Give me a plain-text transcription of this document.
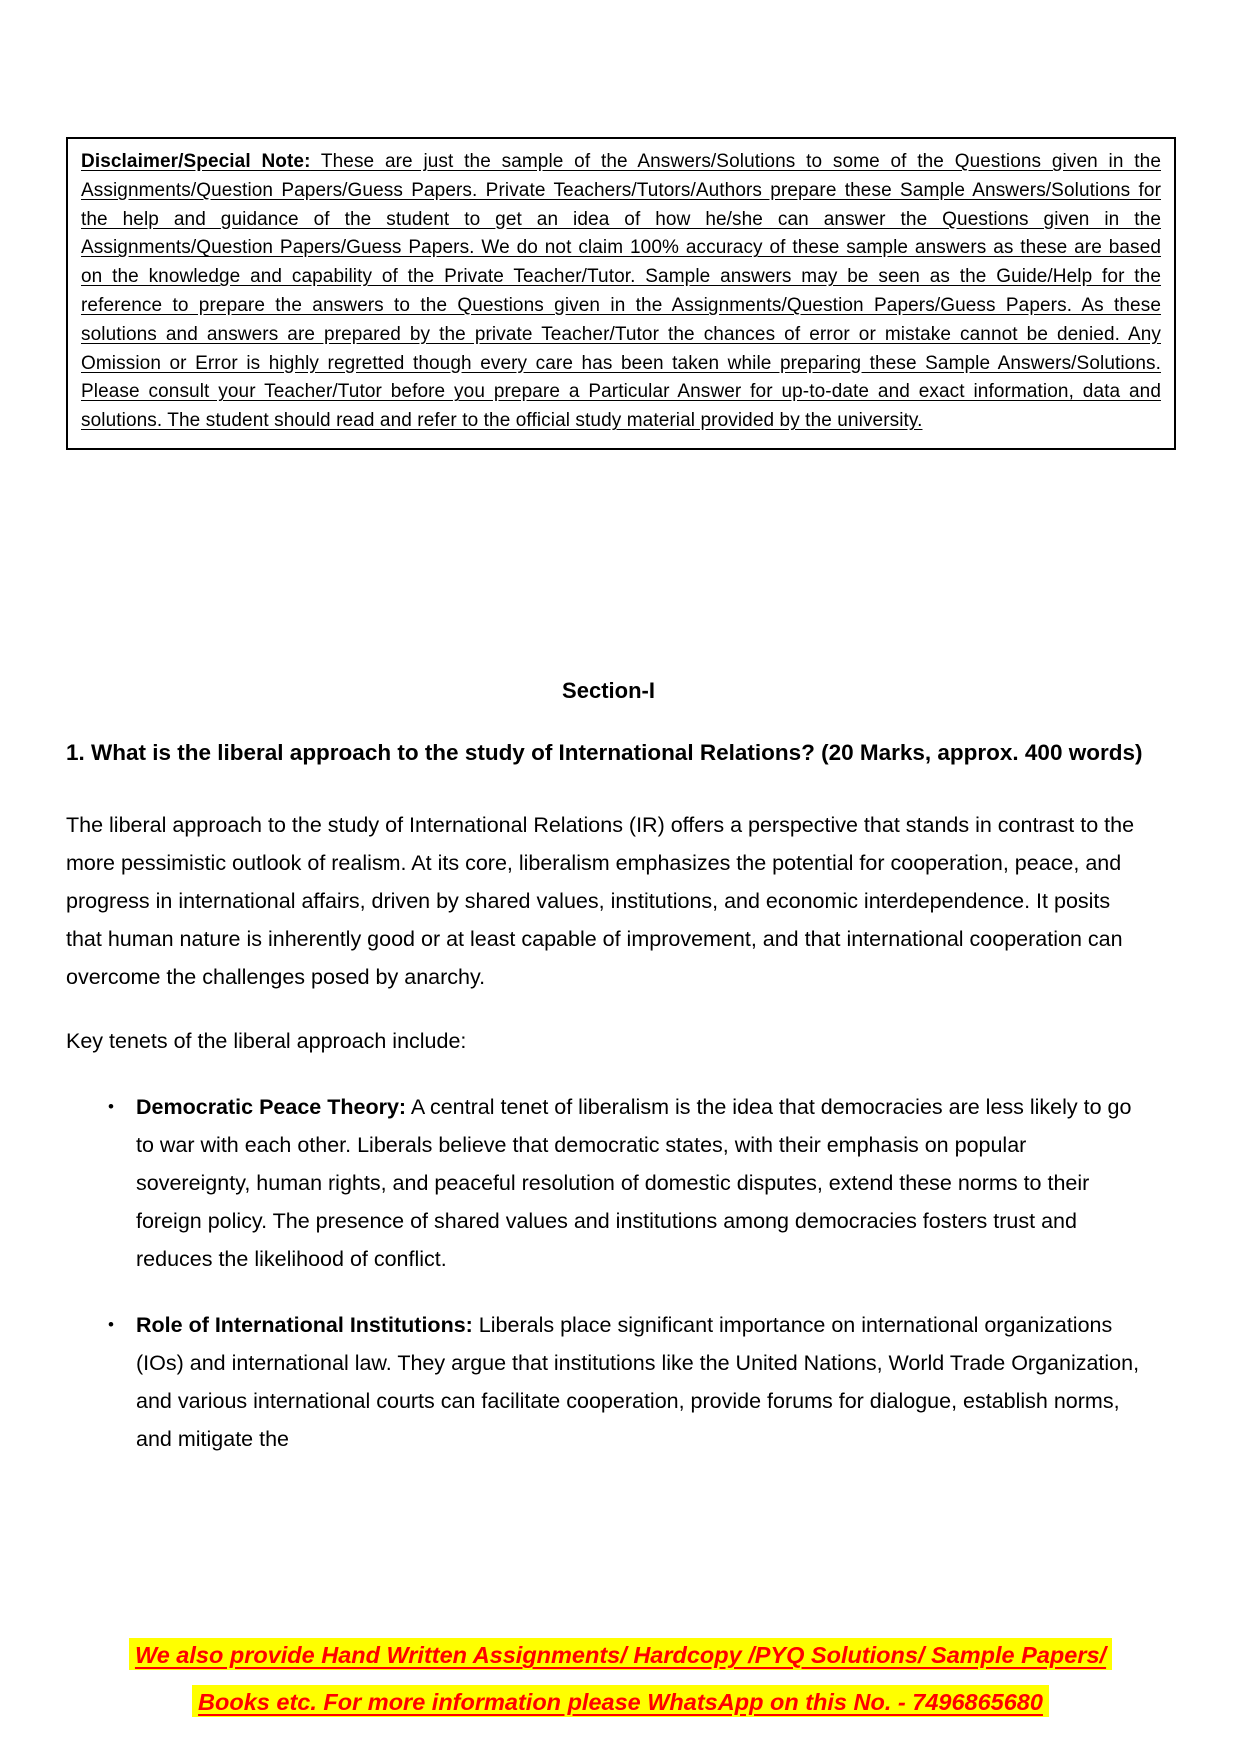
Disclaimer/Special Note: These are just the sample of the Answers/Solutions to some of the Questions given in the Assignments/Question Papers/Guess Papers. Private Teachers/Tutors/Authors prepare these Sample Answers/Solutions for the help and guidance of the student to get an idea of how he/she can answer the Questions given in the Assignments/Question Papers/Guess Papers. We do not claim 100% accuracy of these sample answers as these are based on the knowledge and capability of the Private Teacher/Tutor. Sample answers may be seen as the Guide/Help for the reference to prepare the answers to the Questions given in the Assignments/Question Papers/Guess Papers. As these solutions and answers are prepared by the private Teacher/Tutor the chances of error or mistake cannot be denied. Any Omission or Error is highly regretted though every care has been taken while preparing these Sample Answers/Solutions. Please consult your Teacher/Tutor before you prepare a Particular Answer for up-to-date and exact information, data and solutions. The student should read and refer to the official study material provided by the university.

Section-I
1. What is the liberal approach to the study of International Relations? (20 Marks, approx. 400 words)

The liberal approach to the study of International Relations (IR) offers a perspective that stands in contrast to the more pessimistic outlook of realism. At its core, liberalism emphasizes the potential for cooperation, peace, and progress in international affairs, driven by shared values, institutions, and economic interdependence. It posits that human nature is inherently good or at least capable of improvement, and that international cooperation can overcome the challenges posed by anarchy.

Key tenets of the liberal approach include:

• Democratic Peace Theory: A central tenet of liberalism is the idea that democracies are less likely to go to war with each other. Liberals believe that democratic states, with their emphasis on popular sovereignty, human rights, and peaceful resolution of domestic disputes, extend these norms to their foreign policy. The presence of shared values and institutions among democracies fosters trust and reduces the likelihood of conflict.
• Role of International Institutions: Liberals place significant importance on international organizations (IOs) and international law. They argue that institutions like the United Nations, World Trade Organization, and various international courts can facilitate cooperation, provide forums for dialogue, establish norms, and mitigate the
We also provide Hand Written Assignments/ Hardcopy /PYQ Solutions/ Sample Papers/
Books etc. For more information please WhatsApp on this No. - 7496865680
